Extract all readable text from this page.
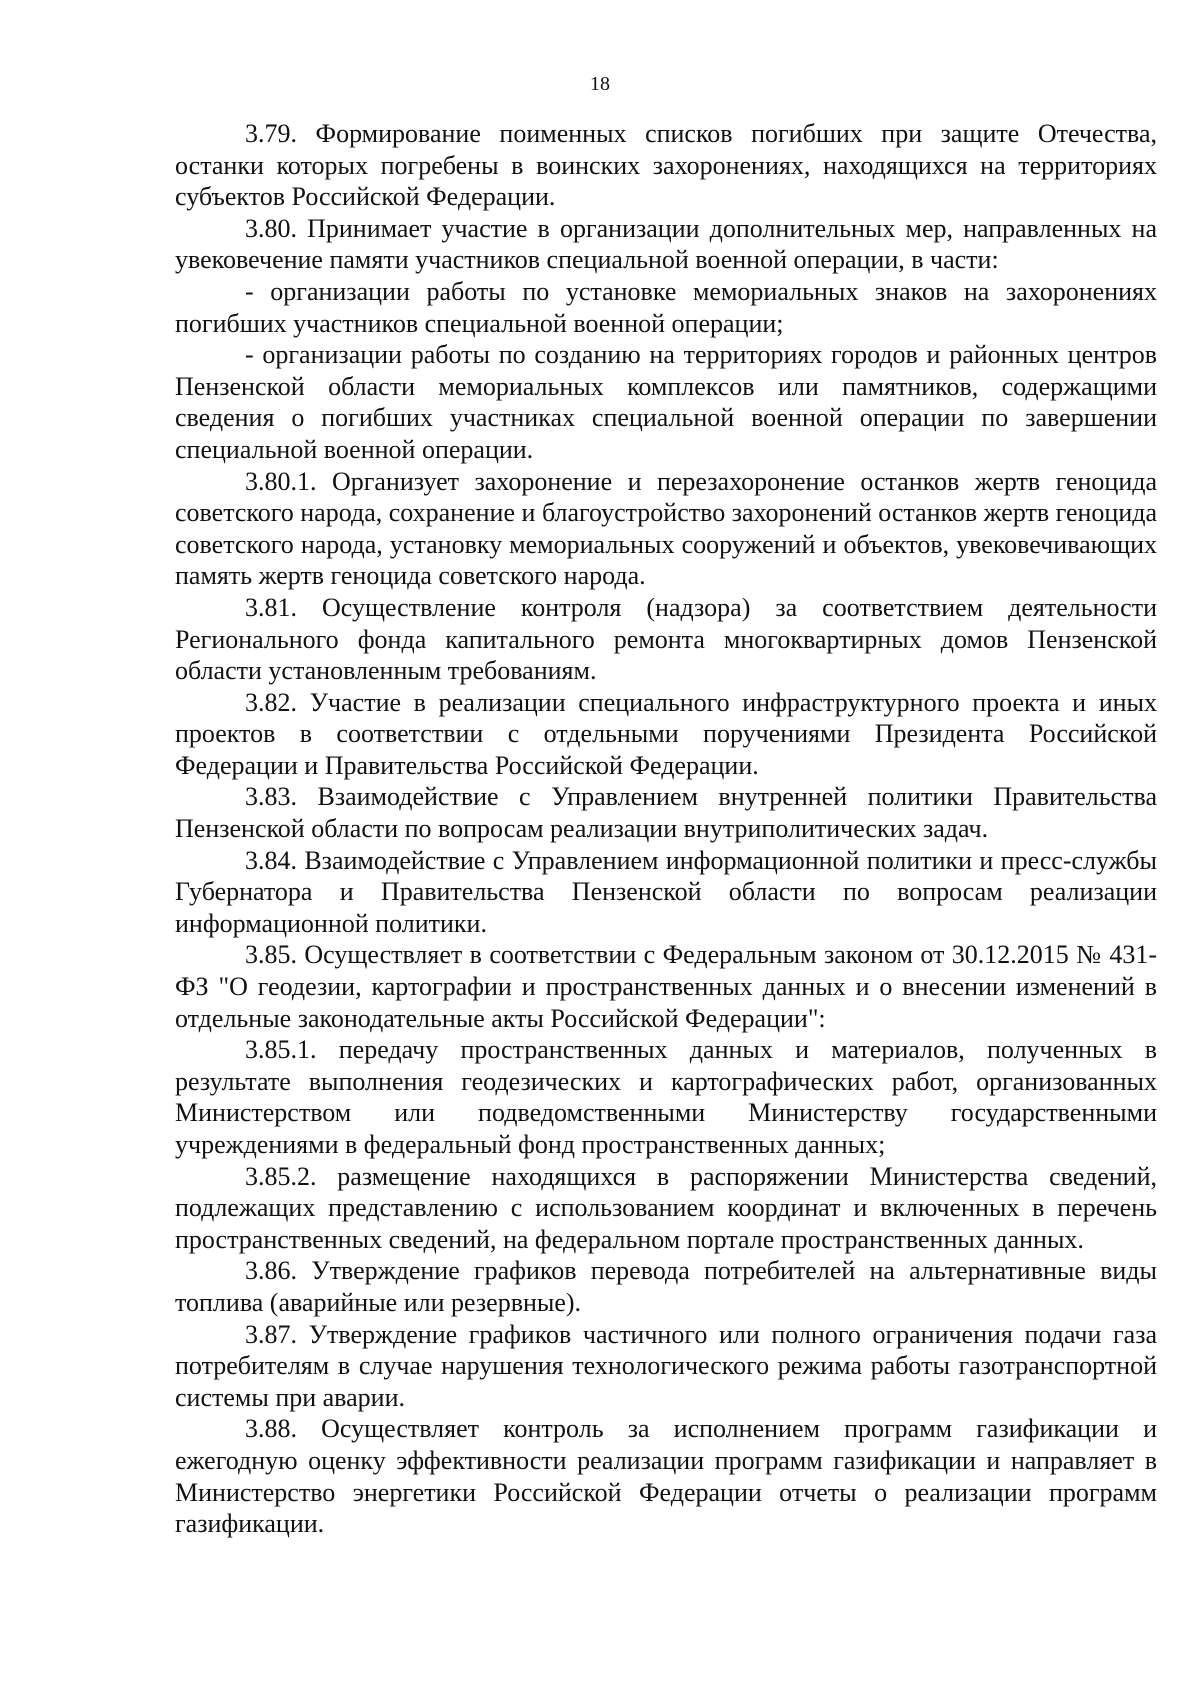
18

3.79. Формирование поименных списков погибших при защите Отечества, останки которых погребены в воинских захоронениях, находящихся на территориях субъектов Российской Федерации.

3.80. Принимает участие в организации дополнительных мер, направленных на увековечение памяти участников специальной военной операции, в части:

- организации работы по установке мемориальных знаков на захоронениях погибших участников специальной военной операции;

- организации работы по созданию на территориях городов и районных центров Пензенской области мемориальных комплексов или памятников, содержащими сведения о погибших участниках специальной военной операции по завершении специальной военной операции.

3.80.1. Организует захоронение и перезахоронение останков жертв геноцида советского народа, сохранение и благоустройство захоронений останков жертв геноцида советского народа, установку мемориальных сооружений и объектов, увековечивающих память жертв геноцида советского народа.

3.81. Осуществление контроля (надзора) за соответствием деятельности Регионального фонда капитального ремонта многоквартирных домов Пензенской области установленным требованиям.

3.82. Участие в реализации специального инфраструктурного проекта и иных проектов в соответствии с отдельными поручениями Президента Российской Федерации и Правительства Российской Федерации.

3.83. Взаимодействие с Управлением внутренней политики Правительства Пензенской области по вопросам реализации внутриполитических задач.

3.84. Взаимодействие с Управлением информационной политики и пресс-службы Губернатора и Правительства Пензенской области по вопросам реализации информационной политики.

3.85. Осуществляет в соответствии с Федеральным законом от 30.12.2015 № 431-ФЗ "О геодезии, картографии и пространственных данных и о внесении изменений в отдельные законодательные акты Российской Федерации":

3.85.1. передачу пространственных данных и материалов, полученных в результате выполнения геодезических и картографических работ, организованных Министерством или подведомственными Министерству государственными учреждениями в федеральный фонд пространственных данных;

3.85.2. размещение находящихся в распоряжении Министерства сведений, подлежащих представлению с использованием координат и включенных в перечень пространственных сведений, на федеральном портале пространственных данных.

3.86. Утверждение графиков перевода потребителей на альтернативные виды топлива (аварийные или резервные).

3.87. Утверждение графиков частичного или полного ограничения подачи газа потребителям в случае нарушения технологического режима работы газотранспортной системы при аварии.

3.88. Осуществляет контроль за исполнением программ газификации и ежегодную оценку эффективности реализации программ газификации и направляет в Министерство энергетики Российской Федерации отчеты о реализации программ газификации.
